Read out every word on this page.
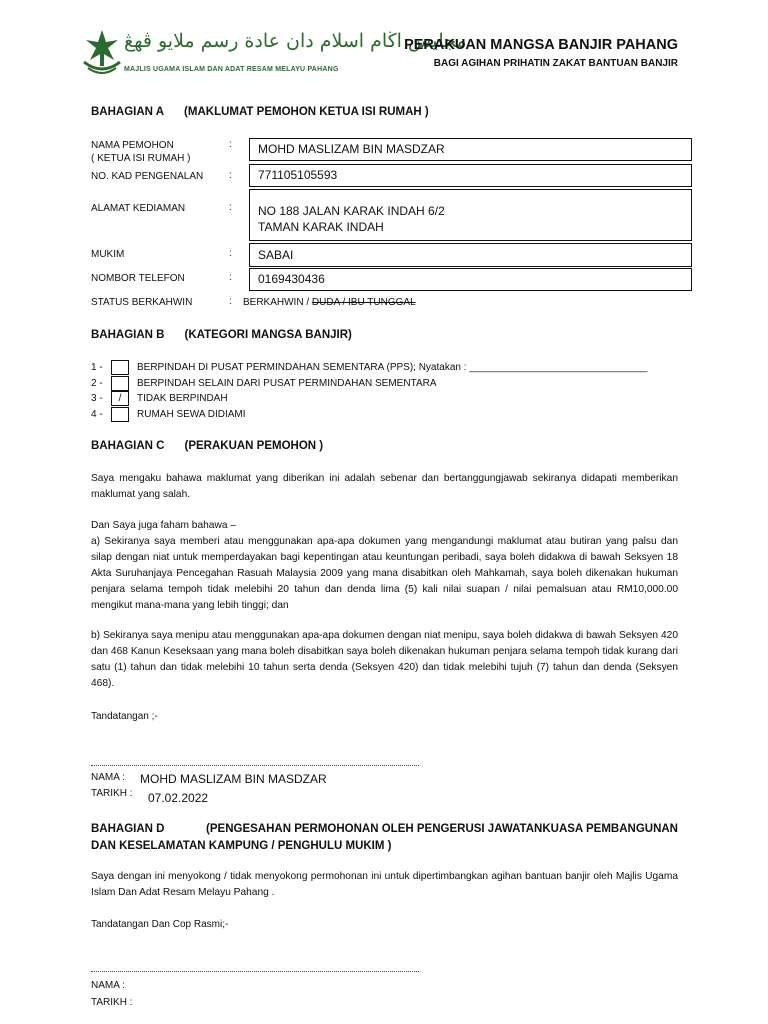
مجليس اڬام اسلام دان عادة رسم ملايو ڤهڠ
MAJLIS UGAMA ISLAM DAN ADAT RESAM MELAYU PAHANG
PERAKUAN MANGSA BANJIR PAHANG
BAGI AGIHAN PRIHATIN ZAKAT BANTUAN BANJIR
BAHAGIAN A (MAKLUMAT PEMOHON KETUA ISI RUMAH )
NAMA PEMOHON
( KETUA ISI RUMAH )
: MOHD MASLIZAM BIN MASDZAR
NO. KAD PENGENALAN	: 771105105593
ALAMAT KEDIAMAN	: NO 188 JALAN KARAK INDAH 6/2
TAMAN KARAK INDAH
MUKIM	: SABAI
NOMBOR TELEFON	: 0169430436
STATUS BERKAHWIN	: BERKAHWIN / DUDA / IBU TUNGGAL
BAHAGIAN B (KATEGORI MANGSA BANJIR)
1 -	BERPINDAH DI PUSAT PERMINDAHAN SEMENTARA (PPS); Nyatakan : ________________________________
2 -	BERPINDAH SELAIN DARI PUSAT PERMINDAHAN SEMENTARA
3 -	/	TIDAK BERPINDAH
4 -	RUMAH SEWA DIDIAMI
BAHAGIAN C (PERAKUAN PEMOHON )

Saya mengaku bahawa maklumat yang diberikan ini adalah sebenar dan bertanggungjawab sekiranya didapati memberikan maklumat yang salah.

Dan Saya juga faham bahawa –

a) Sekiranya saya memberi atau menggunakan apa-apa dokumen yang mengandungi maklumat atau butiran yang palsu dan silap dengan niat untuk memperdayakan bagi kepentingan atau keuntungan peribadi, saya boleh didakwa di bawah Seksyen 18 Akta Suruhanjaya Pencegahan Rasuah Malaysia 2009 yang mana disabitkan oleh Mahkamah, saya boleh dikenakan hukuman penjara selama tempoh tidak melebihi 20 tahun dan denda lima (5) kali nilai suapan / nilai pemalsuan atau RM10,000.00 mengikut mana-mana yang lebih tinggi; dan

b) Sekiranya saya menipu atau menggunakan apa-apa dokumen dengan niat menipu, saya boleh didakwa di bawah Seksyen 420 dan 468 Kanun Keseksaan yang mana boleh disabitkan saya boleh dikenakan hukuman penjara selama tempoh tidak kurang dari satu (1) tahun dan tidak melebihi 10 tahun serta denda (Seksyen 420) dan tidak melebihi tujuh (7) tahun dan denda (Seksyen 468).

Tandatangan ;-
NAMA : MOHD MASLIZAM BIN MASDZAR
TARIKH : 07.02.2022
BAHAGIAN D	(PENGESAHAN PERMOHONAN OLEH PENGERUSI JAWATANKUASA PEMBANGUNAN
DAN KESELAMATAN KAMPUNG / PENGHULU MUKIM )

Saya dengan ini menyokong / tidak menyokong permohonan ini untuk dipertimbangkan agihan bantuan banjir oleh Majlis Ugama Islam Dan Adat Resam Melayu Pahang .

Tandatangan Dan Cop Rasmi;-
NAMA :
TARIKH :
